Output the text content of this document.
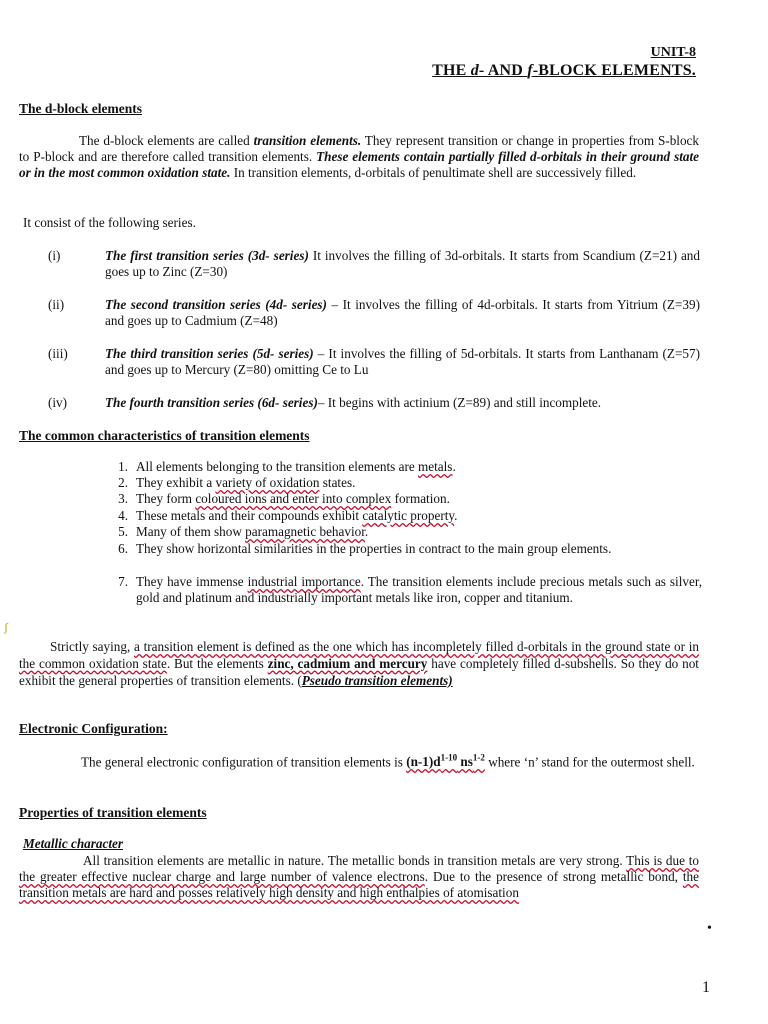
UNIT-8
THE d- AND f-BLOCK ELEMENTS.
The d-block elements
The d-block elements are called transition elements. They represent transition or change in properties from S-block to P-block and are therefore called transition elements. These elements contain partially filled d-orbitals in their ground state or in the most common oxidation state. In transition elements, d-orbitals of penultimate shell are successively filled.
It consist of the following series.
(i)	The first transition series (3d- series) It involves the filling of 3d-orbitals. It starts from Scandium (Z=21) and goes up to Zinc (Z=30)
(ii)	The second transition series (4d- series) – It involves the filling of 4d-orbitals. It starts from Yitrium (Z=39) and goes up to Cadmium (Z=48)
(iii)	The third transition series (5d- series) – It involves the filling of 5d-orbitals. It starts from Lanthanam (Z=57) and goes up to Mercury (Z=80) omitting Ce to Lu
(iv)	The fourth transition series (6d- series)– It begins with actinium (Z=89) and still incomplete.
The common characteristics of transition elements
1. All elements belonging to the transition elements are metals.
2. They exhibit a variety of oxidation states.
3. They form coloured ions and enter into complex formation.
4. These metals and their compounds exhibit catalytic property.
5. Many of them show paramagnetic behavior.
6. They show horizontal similarities in the properties in contract to the main group elements.
7. They have immense industrial importance. The transition elements include precious metals such as silver, gold and platinum and industrially important metals like iron, copper and titanium.
ʃ
Strictly saying, a transition element is defined as the one which has incompletely filled d-orbitals in the ground state or in the common oxidation state. But the elements zinc, cadmium and mercury have completely filled d-subshells. So they do not exhibit the general properties of transition elements. (Pseudo transition elements)
Electronic Configuration:
The general electronic configuration of transition elements is $(n-1)d^{1-10}$ $ns^{1-2}$ where ‘n’ stand for the outermost shell.
Properties of transition elements
Metallic character
All transition elements are metallic in nature. The metallic bonds in transition metals are very strong. This is due to the greater effective nuclear charge and large number of valence electrons. Due to the presence of strong metallic bond, the transition metals are hard and posses relatively high density and high enthalpies of atomisation
•
1
